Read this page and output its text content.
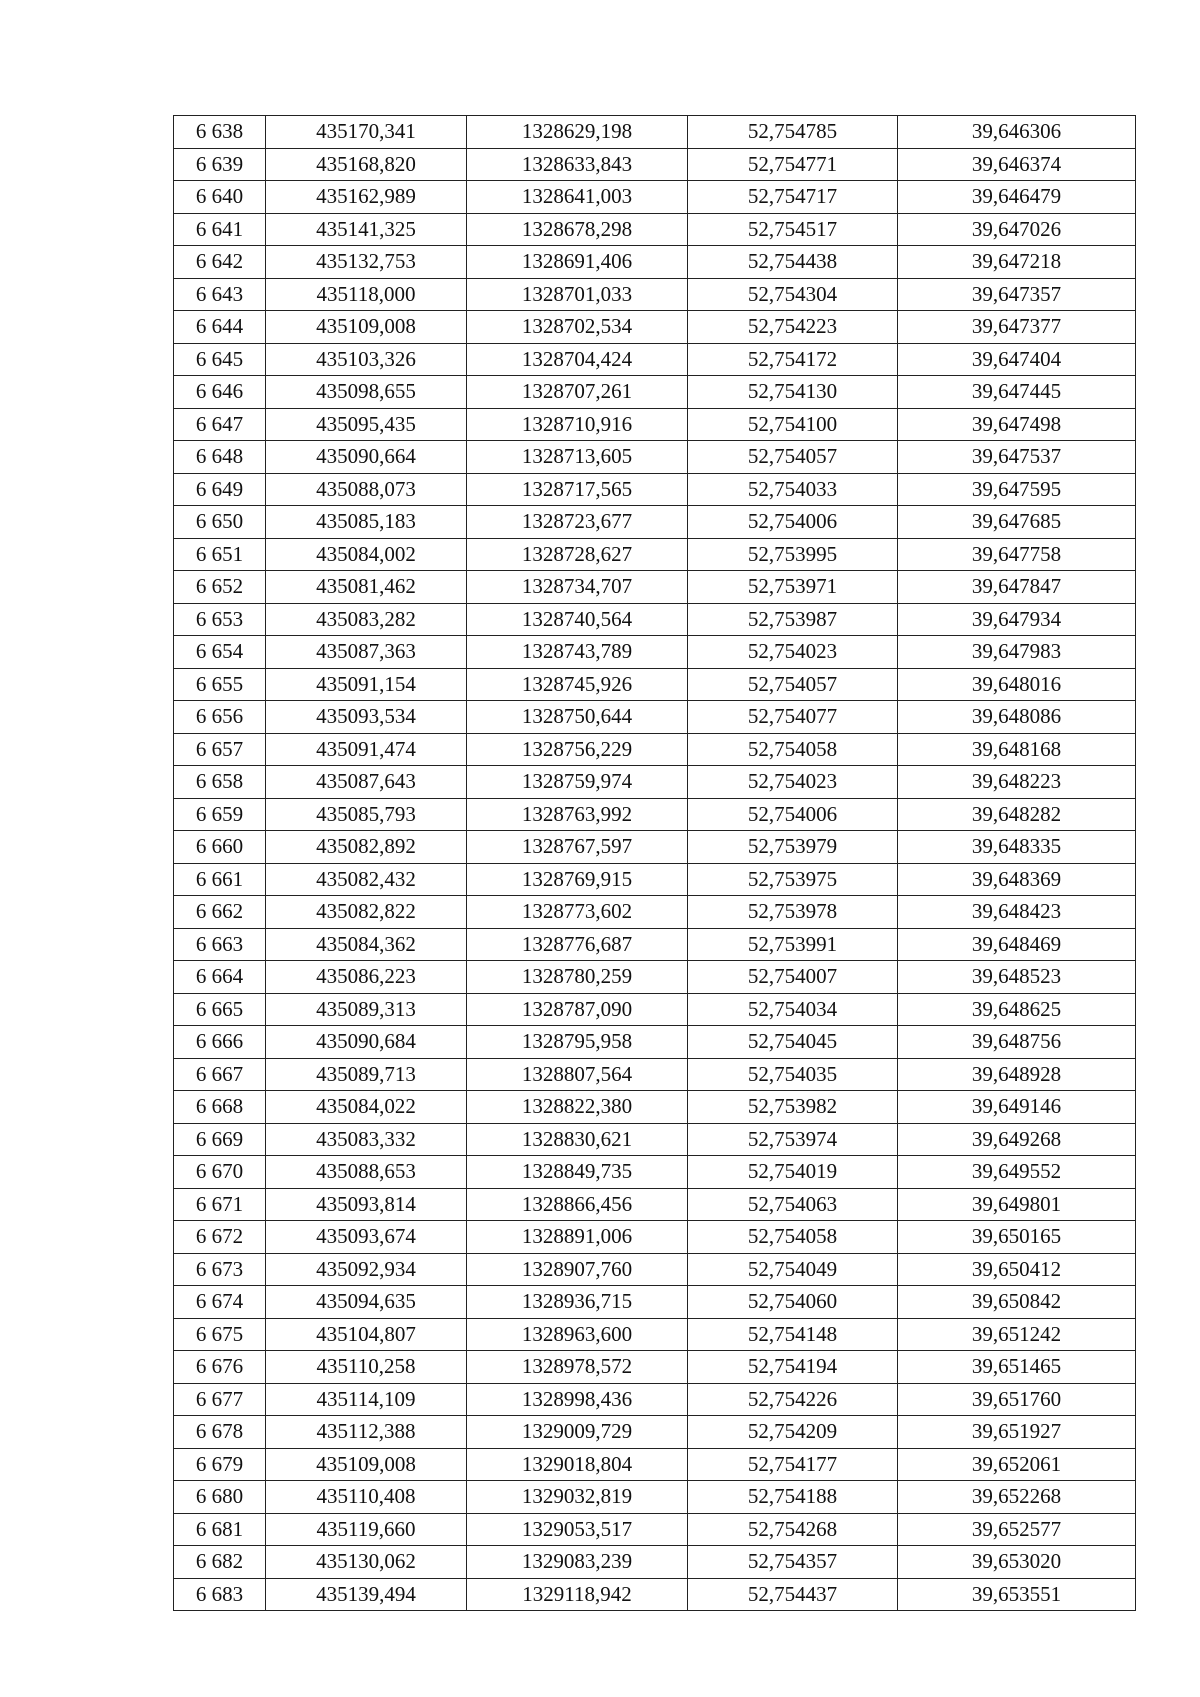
6 638	435170,341	1328629,198	52,754785	39,646306
6 639	435168,820	1328633,843	52,754771	39,646374
6 640	435162,989	1328641,003	52,754717	39,646479
6 641	435141,325	1328678,298	52,754517	39,647026
6 642	435132,753	1328691,406	52,754438	39,647218
6 643	435118,000	1328701,033	52,754304	39,647357
6 644	435109,008	1328702,534	52,754223	39,647377
6 645	435103,326	1328704,424	52,754172	39,647404
6 646	435098,655	1328707,261	52,754130	39,647445
6 647	435095,435	1328710,916	52,754100	39,647498
6 648	435090,664	1328713,605	52,754057	39,647537
6 649	435088,073	1328717,565	52,754033	39,647595
6 650	435085,183	1328723,677	52,754006	39,647685
6 651	435084,002	1328728,627	52,753995	39,647758
6 652	435081,462	1328734,707	52,753971	39,647847
6 653	435083,282	1328740,564	52,753987	39,647934
6 654	435087,363	1328743,789	52,754023	39,647983
6 655	435091,154	1328745,926	52,754057	39,648016
6 656	435093,534	1328750,644	52,754077	39,648086
6 657	435091,474	1328756,229	52,754058	39,648168
6 658	435087,643	1328759,974	52,754023	39,648223
6 659	435085,793	1328763,992	52,754006	39,648282
6 660	435082,892	1328767,597	52,753979	39,648335
6 661	435082,432	1328769,915	52,753975	39,648369
6 662	435082,822	1328773,602	52,753978	39,648423
6 663	435084,362	1328776,687	52,753991	39,648469
6 664	435086,223	1328780,259	52,754007	39,648523
6 665	435089,313	1328787,090	52,754034	39,648625
6 666	435090,684	1328795,958	52,754045	39,648756
6 667	435089,713	1328807,564	52,754035	39,648928
6 668	435084,022	1328822,380	52,753982	39,649146
6 669	435083,332	1328830,621	52,753974	39,649268
6 670	435088,653	1328849,735	52,754019	39,649552
6 671	435093,814	1328866,456	52,754063	39,649801
6 672	435093,674	1328891,006	52,754058	39,650165
6 673	435092,934	1328907,760	52,754049	39,650412
6 674	435094,635	1328936,715	52,754060	39,650842
6 675	435104,807	1328963,600	52,754148	39,651242
6 676	435110,258	1328978,572	52,754194	39,651465
6 677	435114,109	1328998,436	52,754226	39,651760
6 678	435112,388	1329009,729	52,754209	39,651927
6 679	435109,008	1329018,804	52,754177	39,652061
6 680	435110,408	1329032,819	52,754188	39,652268
6 681	435119,660	1329053,517	52,754268	39,652577
6 682	435130,062	1329083,239	52,754357	39,653020
6 683	435139,494	1329118,942	52,754437	39,653551
